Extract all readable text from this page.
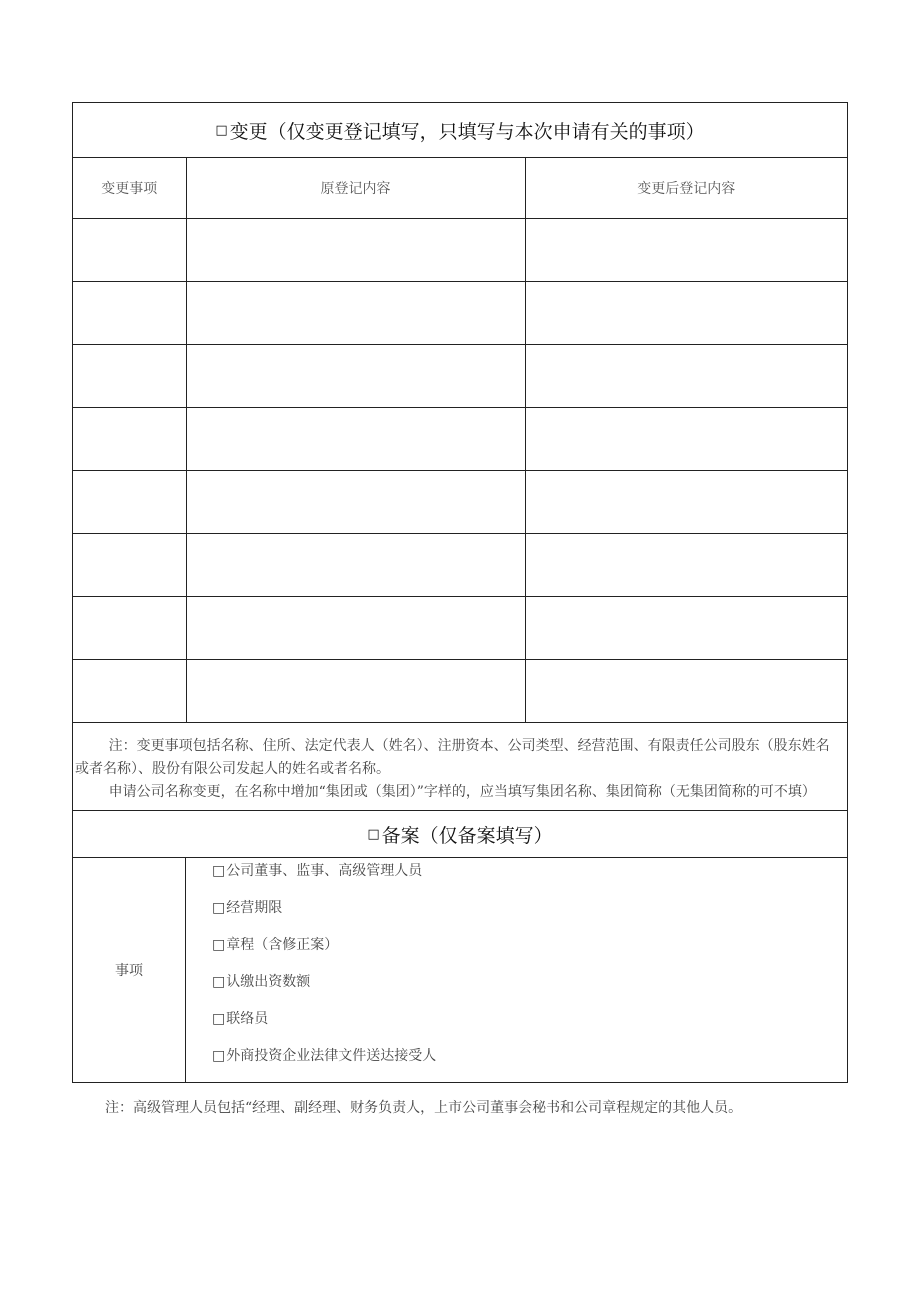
□ 变更（仅变更登记填写，只填写与本次申请有关的事项）
变更事项	原登记内容	变更后登记内容

注：变更事项包括名称、住所、法定代表人（姓名）、注册资本、公司类型、经营范围、有限责任公司股东（股东姓名或者名称）、股份有限公司发起人的姓名或者名称。

申请公司名称变更，在名称中增加“集团或（集团）”字样的，应当填写集团名称、集团简称（无集团简称的可不填）

□ 备案（仅备案填写）
事项
□公司董事、监事、高级管理人员
□经营期限
□章程（含修正案）
□认缴出资数额
□联络员
□外商投资企业法律文件送达接受人
注：高级管理人员包括“经理、副经理、财务负责人，上市公司董事会秘书和公司章程规定的其他人员。
